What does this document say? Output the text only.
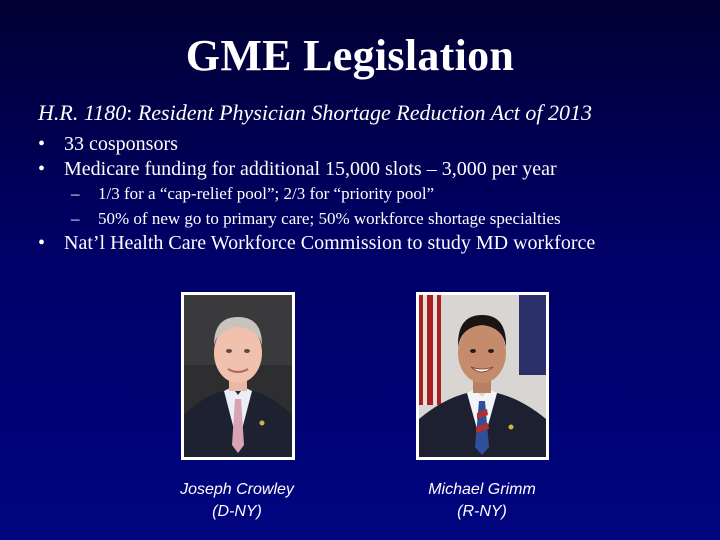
GME Legislation
H.R. 1180: Resident Physician Shortage Reduction Act of 2013
• 33 cosponsors
• Medicare funding for additional 15,000 slots – 3,000 per year
– 1/3 for a “cap-relief pool”; 2/3 for “priority pool”
– 50% of new go to primary care; 50% workforce shortage specialties
• Nat’l Health Care Workforce Commission to study MD workforce
Joseph Crowley
(D-NY)
Michael Grimm
(R-NY)
